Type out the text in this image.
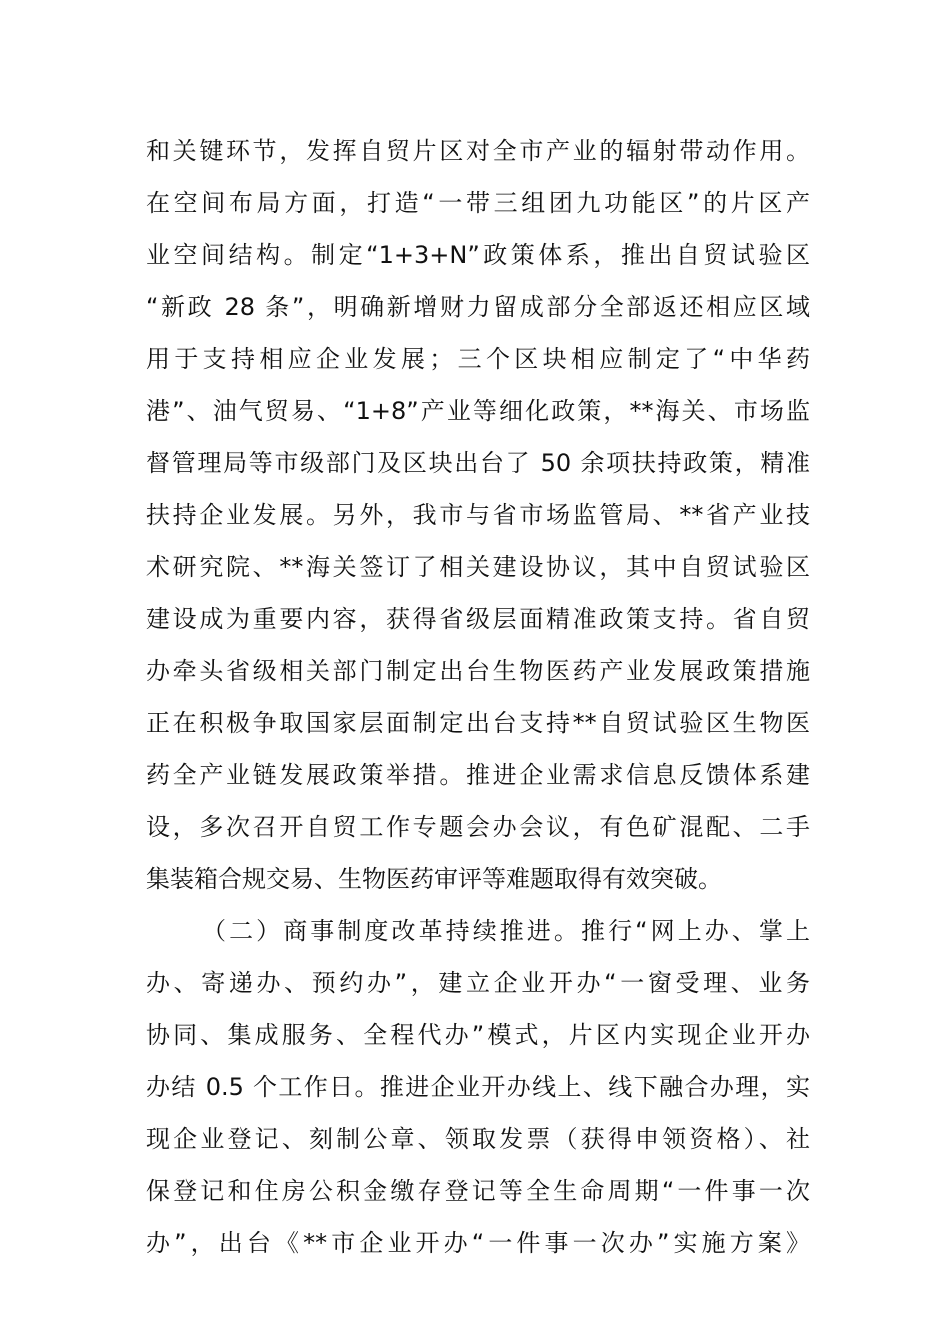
和关键环节，发挥自贸片区对全市产业的辐射带动作用。
在空间布局方面，打造“一带三组团九功能区”的片区产
业空间结构。制定“1+3+N”政策体系，推出自贸试验区
“新政 28 条”，明确新增财力留成部分全部返还相应区域
用于支持相应企业发展；三个区块相应制定了“中华药
港”、油气贸易、“1+8”产业等细化政策，**海关、市场监
督管理局等市级部门及区块出台了 50 余项扶持政策，精准
扶持企业发展。另外，我市与省市场监管局、**省产业技
术研究院、**海关签订了相关建设协议，其中自贸试验区
建设成为重要内容，获得省级层面精准政策支持。省自贸
办牵头省级相关部门制定出台生物医药产业发展政策措施
正在积极争取国家层面制定出台支持**自贸试验区生物医
药全产业链发展政策举措。推进企业需求信息反馈体系建
设，多次召开自贸工作专题会办会议，有色矿混配、二手
集装箱合规交易、生物医药审评等难题取得有效突破。
（二）商事制度改革持续推进。推行“网上办、掌上
办、寄递办、预约办”，建立企业开办“一窗受理、业务
协同、集成服务、全程代办”模式，片区内实现企业开办
办结 0.5 个工作日。推进企业开办线上、线下融合办理，实
现企业登记、刻制公章、领取发票（获得申领资格）、社
保登记和住房公积金缴存登记等全生命周期“一件事一次
办”，出台《**市企业开办“一件事一次办”实施方案》
